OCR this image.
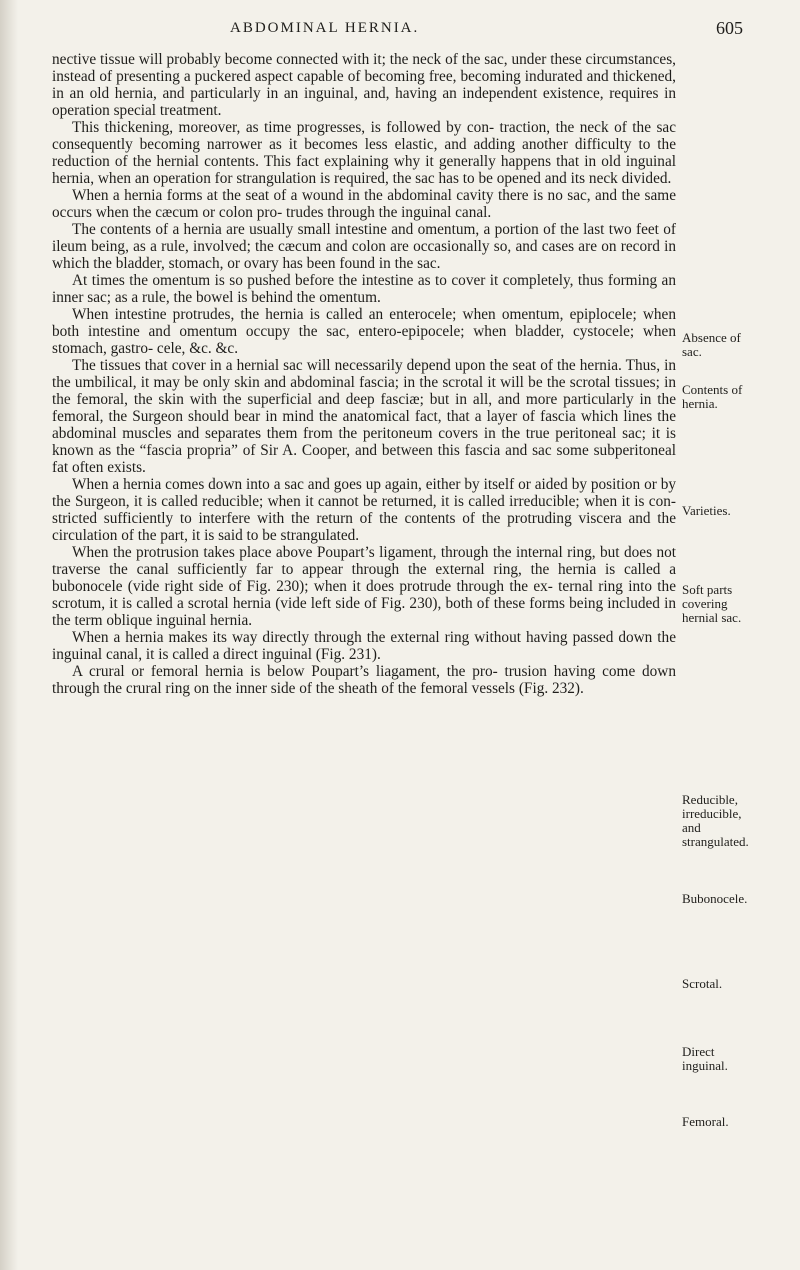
ABDOMINAL HERNIA.	605

nective tissue will probably become connected with it; the neck of the sac, under these circumstances, instead of presenting a puckered aspect capable of becoming free, becoming indurated and thickened, in an old hernia, and particularly in an inguinal, and, having an independent existence, requires in operation special treatment.

This thickening, moreover, as time progresses, is followed by con- traction, the neck of the sac consequently becoming narrower as it becomes less elastic, and adding another difficulty to the reduction of the hernial contents. This fact explaining why it generally happens that in old inguinal hernia, when an operation for strangulation is required, the sac has to be opened and its neck divided.

When a hernia forms at the seat of a wound in the abdominal cavity there is no sac, and the same occurs when the cæcum or colon pro- trudes through the inguinal canal.

The contents of a hernia are usually small intestine and omentum, a portion of the last two feet of ileum being, as a rule, involved; the cæcum and colon are occasionally so, and cases are on record in which the bladder, stomach, or ovary has been found in the sac.

At times the omentum is so pushed before the intestine as to cover it completely, thus forming an inner sac; as a rule, the bowel is behind the omentum.

When intestine protrudes, the hernia is called an enterocele; when omentum, epiplocele; when both intestine and omentum occupy the sac, entero-epipocele; when bladder, cystocele; when stomach, gastro- cele, &c. &c.

The tissues that cover in a hernial sac will necessarily depend upon the seat of the hernia. Thus, in the umbilical, it may be only skin and abdominal fascia; in the scrotal it will be the scrotal tissues; in the femoral, the skin with the superficial and deep fasciæ; but in all, and more particularly in the femoral, the Surgeon should bear in mind the anatomical fact, that a layer of fascia which lines the abdominal muscles and separates them from the peritoneum covers in the true peritoneal sac; it is known as the “fascia propria” of Sir A. Cooper, and between this fascia and sac some subperitoneal fat often exists.

When a hernia comes down into a sac and goes up again, either by itself or aided by position or by the Surgeon, it is called reducible; when it cannot be returned, it is called irreducible; when it is con- stricted sufficiently to interfere with the return of the contents of the protruding viscera and the circulation of the part, it is said to be strangulated.

When the protrusion takes place above Poupart’s ligament, through the internal ring, but does not traverse the canal sufficiently far to appear through the external ring, the hernia is called a bubonocele (vide right side of Fig. 230); when it does protrude through the ex- ternal ring into the scrotum, it is called a scrotal hernia (vide left side of Fig. 230), both of these forms being included in the term oblique inguinal hernia.

When a hernia makes its way directly through the external ring without having passed down the inguinal canal, it is called a direct inguinal (Fig. 231).

A crural or femoral hernia is below Poupart’s liagament, the pro- trusion having come down through the crural ring on the inner side of the sheath of the femoral vessels (Fig. 232).

Absence of
sac.
Contents of
hernia.
Varieties.
Soft parts
covering
hernial sac.
Reducible,
irreducible,
and
strangulated.
Bubonocele.
Scrotal.
Direct
inguinal.
Femoral.
